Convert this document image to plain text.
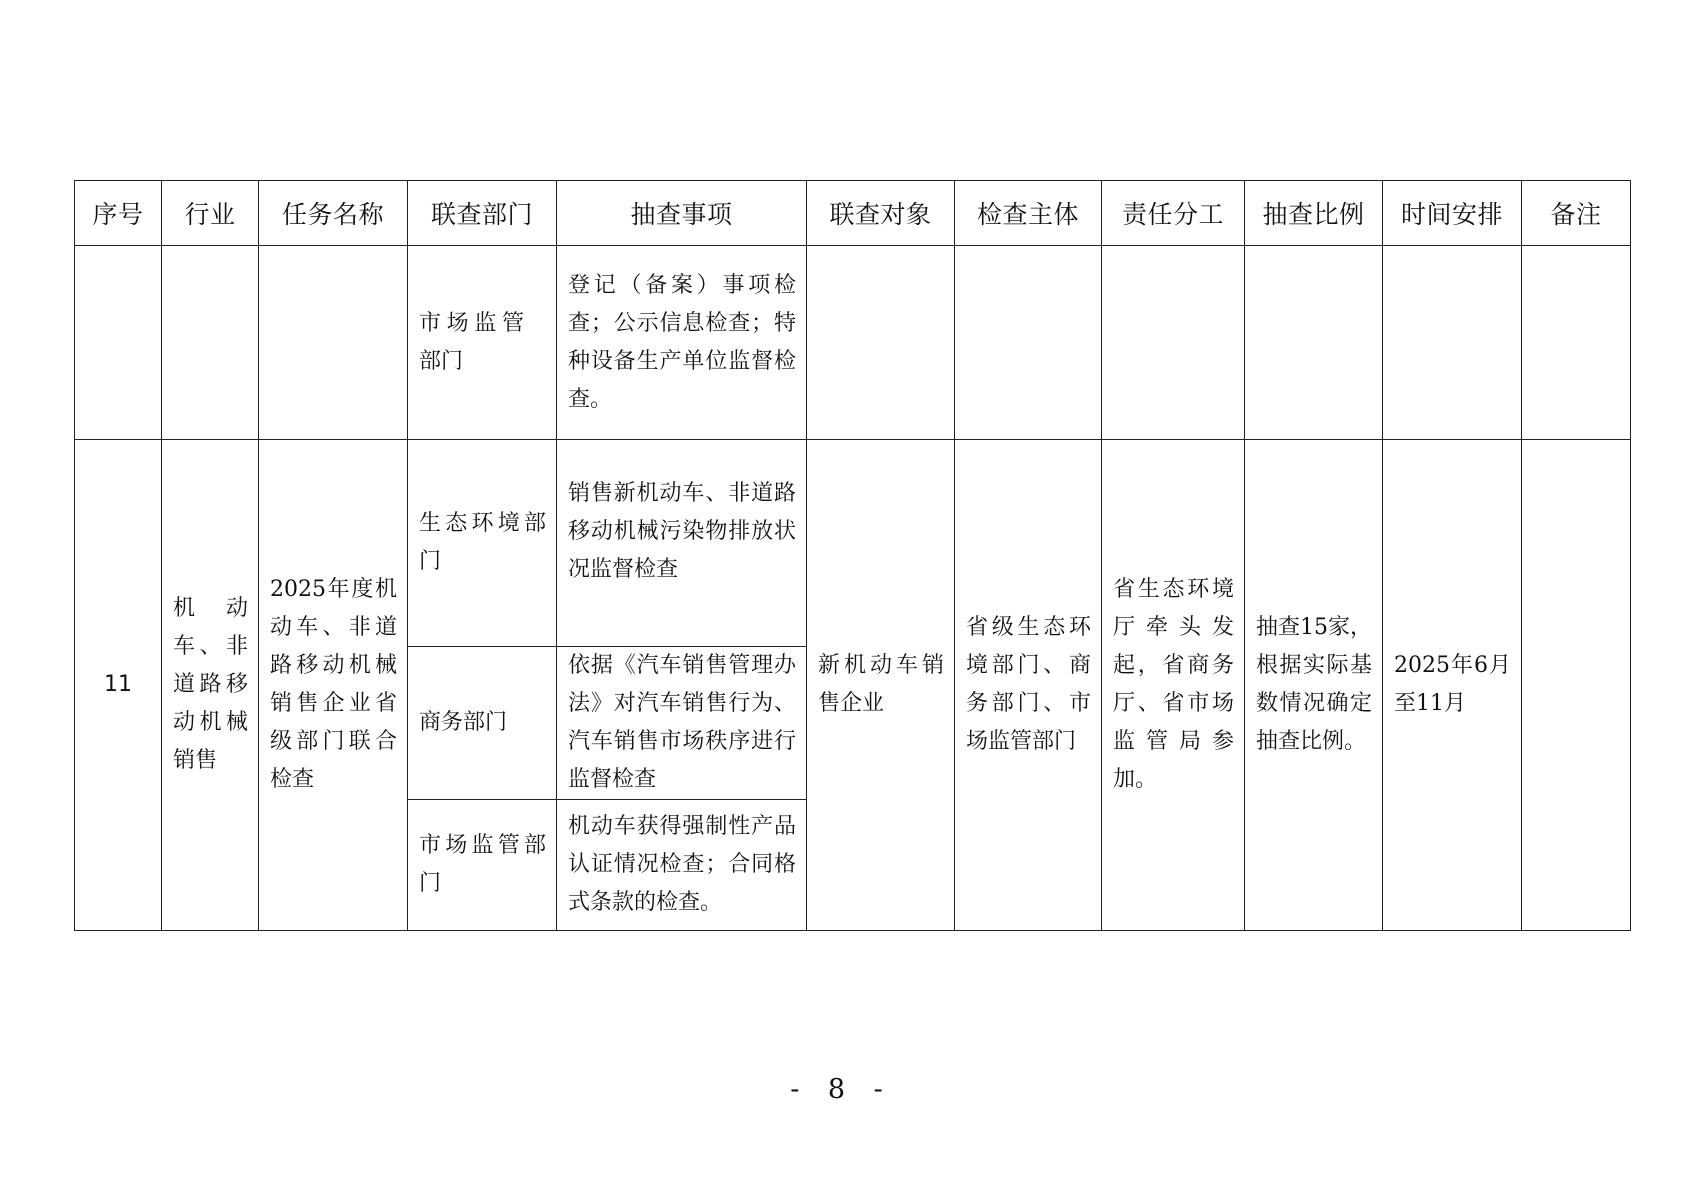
序号	行业	任务名称	联查部门	抽查事项	联查对象	检查主体	责任分工	抽查比例	时间安排	备注

			市场监管部门	登记（备案）事项检查；公示信息检查；特种设备生产单位监督检查。						

11	机动车、非道路移动机械销售	2025年度机动车、非道路移动机械销售企业省级部门联合检查	生态环境部门	销售新机动车、非道路移动机械污染物排放状况监督检查	新机动车销售企业	省级生态环境部门、商务部门、市场监管部门	省生态环境厅牵头发起，省商务厅、省市场监管局参加。	抽查15家，根据实际基数情况确定抽查比例。	2025年6月至11月	

			商务部门	依据《汽车销售管理办法》对汽车销售行为、汽车销售市场秩序进行监督检查						

			市场监管部门	机动车获得强制性产品认证情况检查；合同格式条款的检查。						
- 8 -
